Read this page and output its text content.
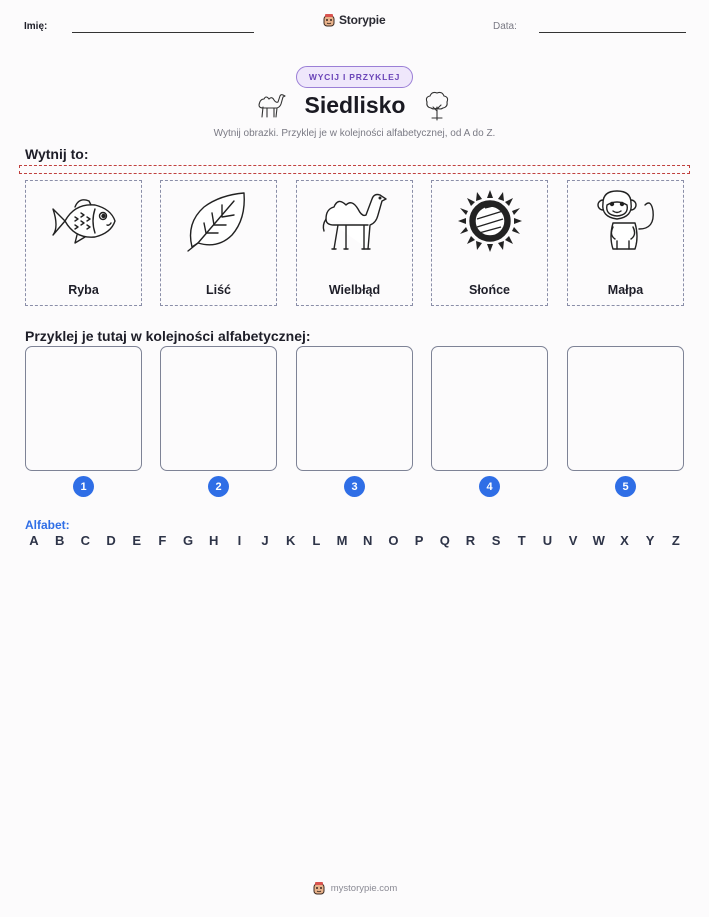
Imię:	Storypie	Data:
WYCIJ I PRZYKLEJ
Siedlisko
Wytnij obrazki. Przyklej je w kolejności alfabetycznej, od A do Z.
Wytnij to:
Ryba	Liść	Wielbłąd	Słońce	Małpa
Przyklej je tutaj w kolejności alfabetycznej:
1	2	3	4	5
Alfabet:
A	B	C	D	E	F	G	H	I	J	K	L	M	N	O	P	Q	R	S	T	U	V	W	X	Y	Z
mystorypie.com
